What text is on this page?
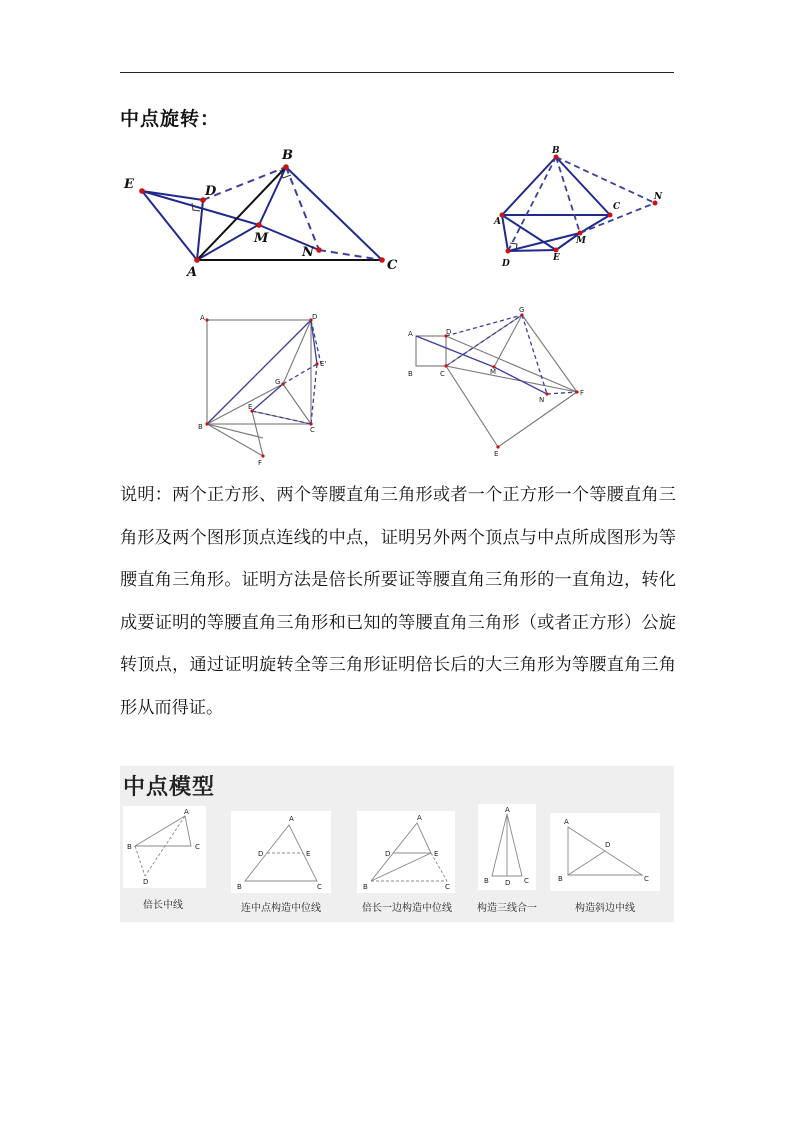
中点旋转：
E	D
B
M
N
A	C
B
C
N
A
M
D
E
A	D
E'
G
E
B	C
F
A	D
G
B	C	M
N
F
E

说明：两个正方形、两个等腰直角三角形或者一个正方形一个等腰直角三角形及两个图形顶点连线的中点，证明另外两个顶点与中点所成图形为等腰直角三角形。证明方法是倍长所要证等腰直角三角形的一直角边，转化成要证明的等腰直角三角形和已知的等腰直角三角形（或者正方形）公旋转顶点，通过证明旋转全等三角形证明倍长后的大三角形为等腰直角三角形从而得证。

中点模型
A
B	C
D
倍长中线
A
D	E
B	C
连中点构造中位线
A
D	E
B	C
倍长一边构造中位线
A
B D C
构造三线合一
A
D
B	C
构造斜边中线
